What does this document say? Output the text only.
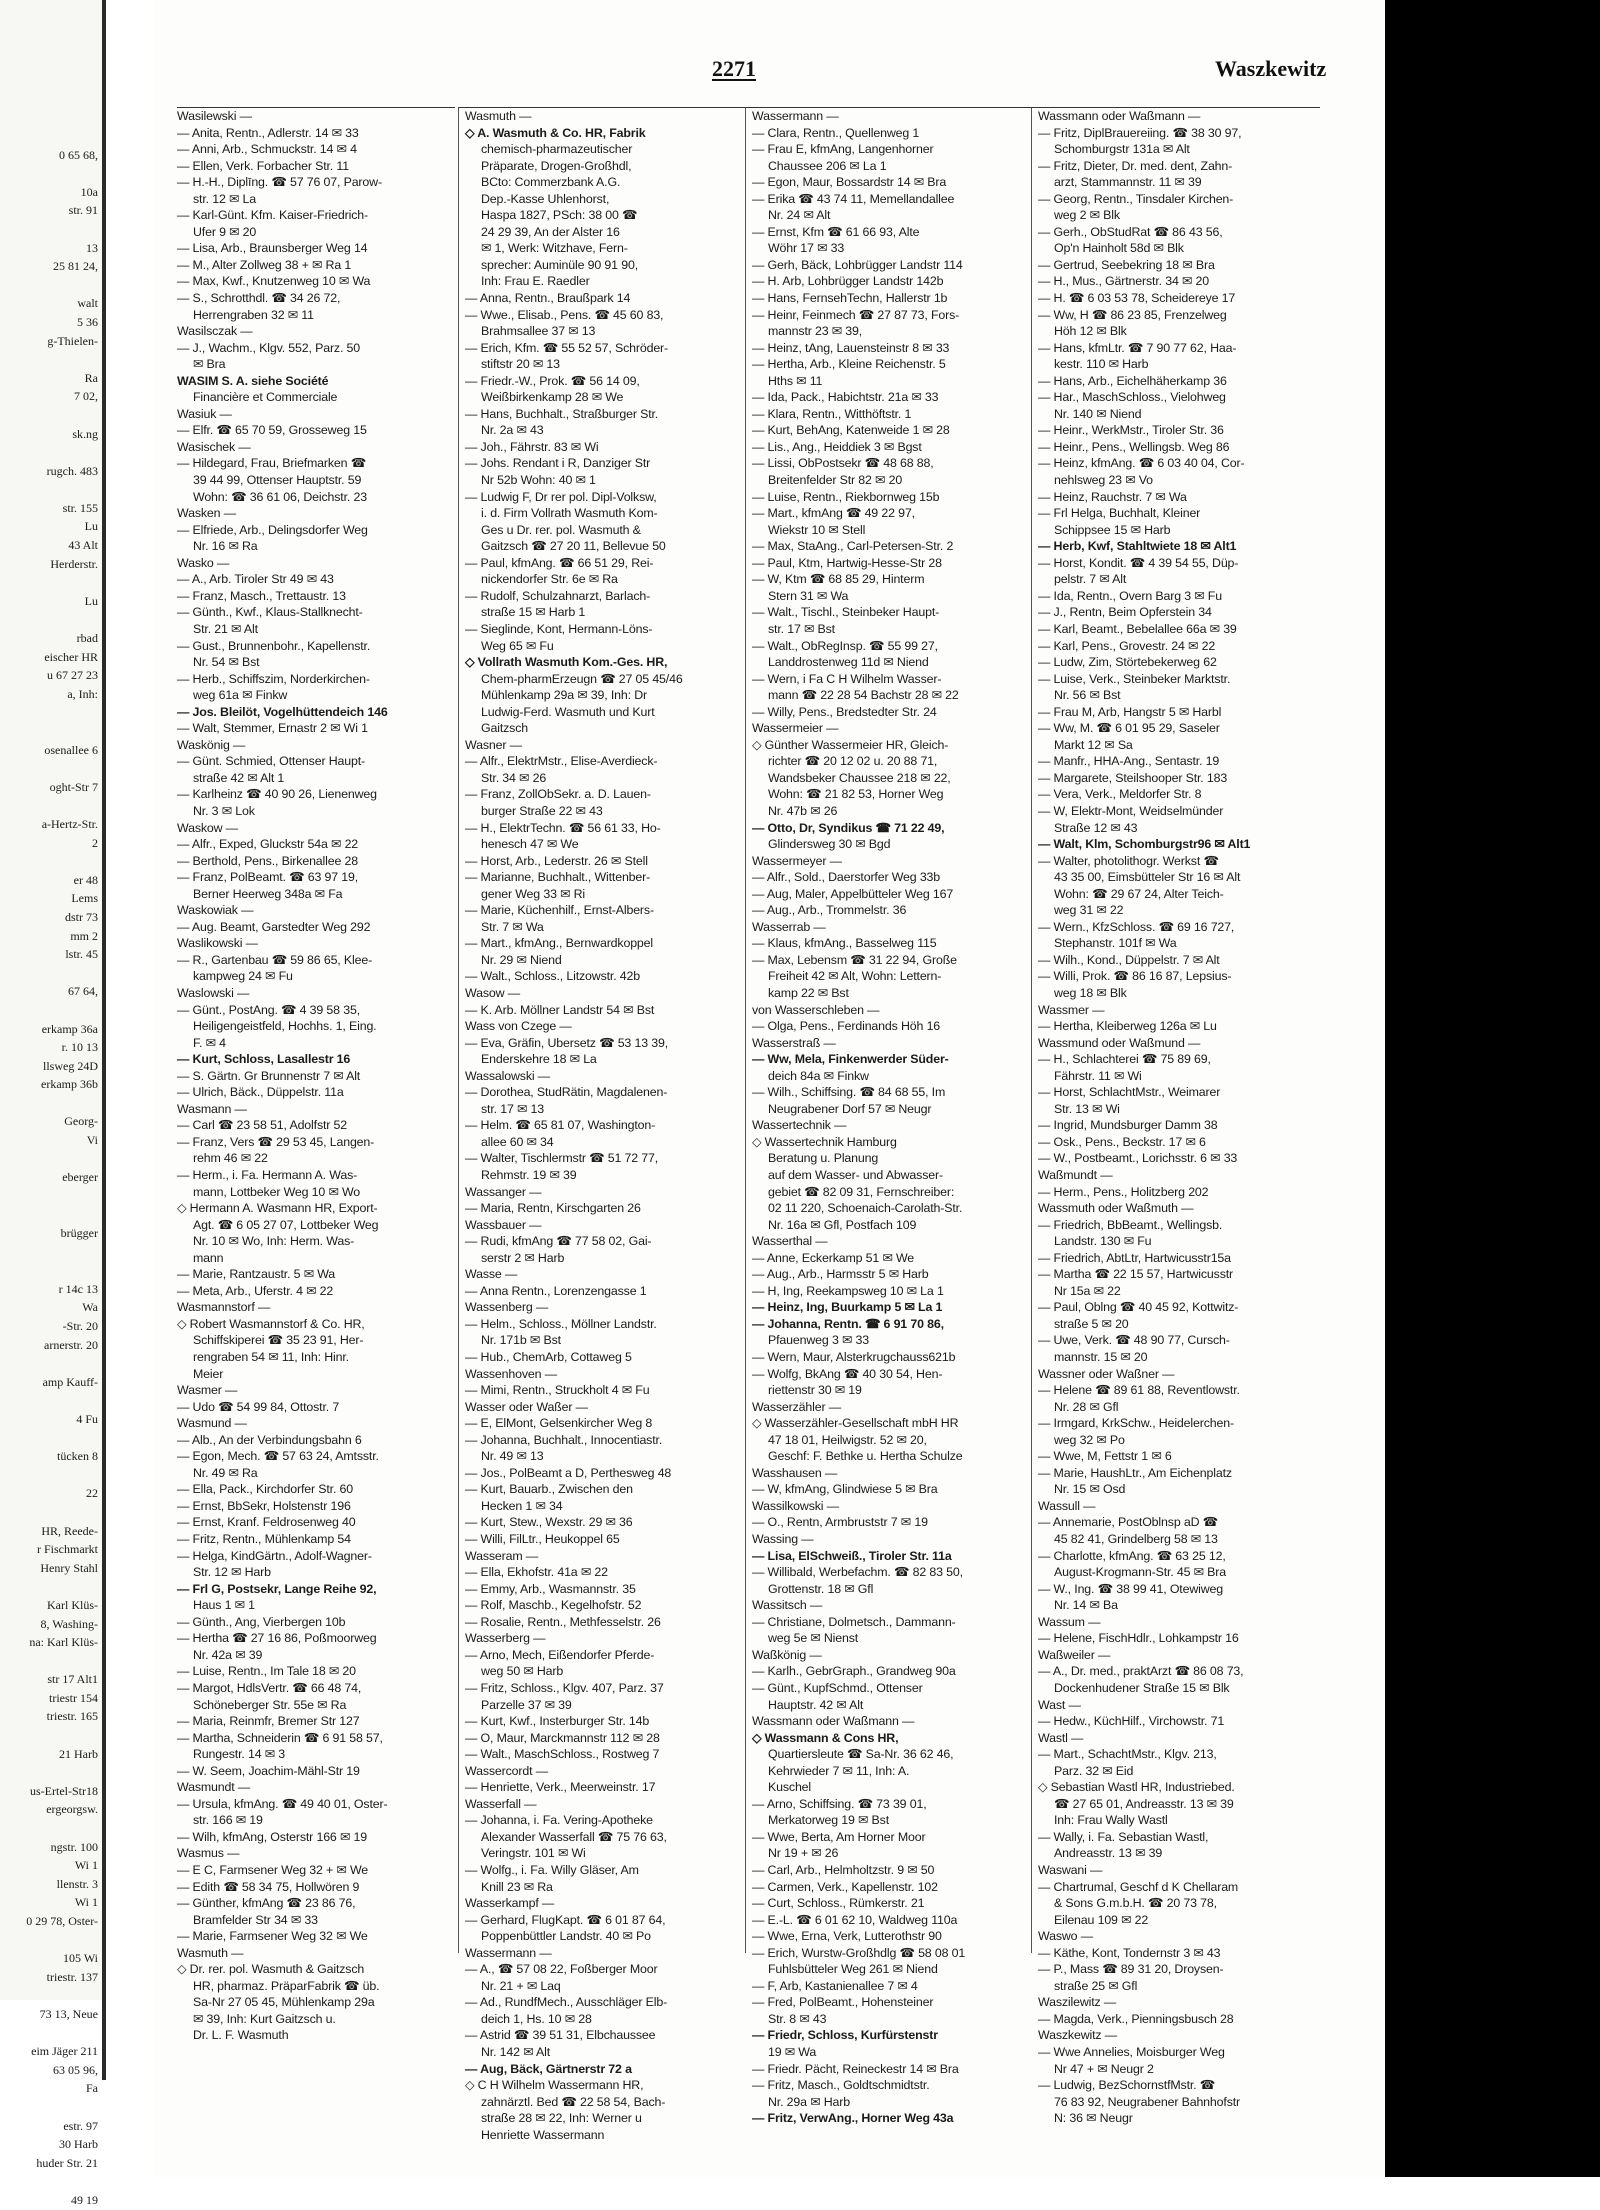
0 65 68,

10a
str. 91

13
25 81 24,

walt
5 36
g-Thielen-

Ra
7 02,

sk.ng

rugch. 483

str. 155
Lu
43 Alt
Herderstr.

Lu

rbad
eischer HR
u 67 27 23
a, Inh:

osenallee 6

oght-Str 7

a-Hertz-Str.
2

er 48
Lems
dstr 73
mm 2
lstr. 45

67 64,

erkamp 36a
r. 10 13
llsweg 24D
erkamp 36b

Georg-
Vi

eberger

brügger

r 14c 13
Wa
-Str. 20
arnerstr. 20

amp Kauff-

4 Fu

tücken 8

22

HR, Reede-
r Fischmarkt
Henry Stahl

Karl Klüs-
8, Washing-
na: Karl Klüs-

str 17 Alt1
triestr 154
triestr. 165

21 Harb

us-Ertel-Str18
ergeorgsw.

ngstr. 100
Wi 1
llenstr. 3
Wi 1
0 29 78, Oster-

105 Wi
triestr. 137

73 13, Neue

eim Jäger 211
63 05 96,
Fa

estr. 97
30 Harb
huder Str. 21

49 19
2271	Waszkewitz
Wasilewski —
— Anita, Rentn., Adlerstr. 14 ✉ 33
— Anni, Arb., Schmuckstr. 14 ✉ 4
— Ellen, Verk. Forbacher Str. 11
— H.-H., Diplīng. ☎ 57 76 07, Parow-
str. 12 ✉ La
— Karl-Günt. Kfm. Kaiser-Friedrich-
Ufer 9 ✉ 20
— Lisa, Arb., Braunsberger Weg 14
— M., Alter Zollweg 38 + ✉ Ra 1
— Max, Kwf., Knutzenweg 10 ✉ Wa
— S., Schrotthdl. ☎ 34 26 72,
Herrengraben 32 ✉ 11
Wasilsczak —
— J., Wachm., Klgv. 552, Parz. 50
✉ Bra
WASIM S. A. siehe Société
Financière et Commerciale
Wasiuk —
— Elfr. ☎ 65 70 59, Grosseweg 15
Wasischek —
— Hildegard, Frau, Briefmarken ☎
39 44 99, Ottenser Hauptstr. 59
Wohn: ☎ 36 61 06, Deichstr. 23
Wasken —
— Elfriede, Arb., Delingsdorfer Weg
Nr. 16 ✉ Ra
Wasko —
— A., Arb. Tiroler Str 49 ✉ 43
— Franz, Masch., Trettaustr. 13
— Günth., Kwf., Klaus-Stallknecht-
Str. 21 ✉ Alt
— Gust., Brunnenbohr., Kapellenstr.
Nr. 54 ✉ Bst
— Herb., Schiffszim, Norderkirchen-
weg 61a ✉ Finkw
— Jos. Bleilöt, Vogelhüttendeich 146
— Walt, Stemmer, Ernastr 2 ✉ Wi 1
Waskönig —
— Günt. Schmied, Ottenser Haupt-
straße 42 ✉ Alt 1
— Karlheinz ☎ 40 90 26, Lienenweg
Nr. 3 ✉ Lok
Waskow —
— Alfr., Exped, Gluckstr 54a ✉ 22
— Berthold, Pens., Birkenallee 28
— Franz, PolBeamt. ☎ 63 97 19,
Berner Heerweg 348a ✉ Fa
Waskowiak —
— Aug. Beamt, Garstedter Weg 292
Waslikowski —
— R., Gartenbau ☎ 59 86 65, Klee-
kampweg 24 ✉ Fu
Waslowski —
— Günt., PostAng. ☎ 4 39 58 35,
Heiligengeistfeld, Hochhs. 1, Eing.
F. ✉ 4
— Kurt, Schloss, Lasallestr 16
— S. Gärtn. Gr Brunnenstr 7 ✉ Alt
— Ulrich, Bäck., Düppelstr. 11a
Wasmann —
— Carl ☎ 23 58 51, Adolfstr 52
— Franz, Vers ☎ 29 53 45, Langen-
rehm 46 ✉ 22
— Herm., i. Fa. Hermann A. Was-
mann, Lottbeker Weg 10 ✉ Wo
◇ Hermann A. Wasmann HR, Export-
Agt. ☎ 6 05 27 07, Lottbeker Weg
Nr. 10 ✉ Wo, Inh: Herm. Was-
mann
— Marie, Rantzaustr. 5 ✉ Wa
— Meta, Arb., Uferstr. 4 ✉ 22
Wasmannstorf —
◇ Robert Wasmannstorf & Co. HR,
Schiffskiperei ☎ 35 23 91, Her-
rengraben 54 ✉ 11, Inh: Hinr.
Meier
Wasmer —
— Udo ☎ 54 99 84, Ottostr. 7
Wasmund —
— Alb., An der Verbindungsbahn 6
— Egon, Mech. ☎ 57 63 24, Amtsstr.
Nr. 49 ✉ Ra
— Ella, Pack., Kirchdorfer Str. 60
— Ernst, BbSekr, Holstenstr 196
— Ernst, Kranf. Feldrosenweg 40
— Fritz, Rentn., Mühlenkamp 54
— Helga, KindGärtn., Adolf-Wagner-
Str. 12 ✉ Harb
— Frl G, Postsekr, Lange Reihe 92,
Haus 1 ✉ 1
— Günth., Ang, Vierbergen 10b
— Hertha ☎ 27 16 86, Poßmoorweg
Nr. 42a ✉ 39
— Luise, Rentn., Im Tale 18 ✉ 20
— Margot, HdlsVertr. ☎ 66 48 74,
Schöneberger Str. 55e ✉ Ra
— Maria, Reinmfr, Bremer Str 127
— Martha, Schneiderin ☎ 6 91 58 57,
Rungestr. 14 ✉ 3
— W. Seem, Joachim-Mähl-Str 19
Wasmundt —
— Ursula, kfmAng. ☎ 49 40 01, Oster-
str. 166 ✉ 19
— Wilh, kfmAng, Osterstr 166 ✉ 19
Wasmus —
— E C, Farmsener Weg 32 + ✉ We
— Edith ☎ 58 34 75, Hollwören 9
— Günther, kfmAng ☎ 23 86 76,
Bramfelder Str 34 ✉ 33
— Marie, Farmsener Weg 32 ✉ We
Wasmuth —
◇ Dr. rer. pol. Wasmuth & Gaitzsch
HR, pharmaz. PräparFabrik ☎ üb.
Sa-Nr 27 05 45, Mühlenkamp 29a
✉ 39, Inh: Kurt Gaitzsch u.
Dr. L. F. Wasmuth
Wasmuth —
◇ A. Wasmuth & Co. HR, Fabrik
chemisch-pharmazeutischer
Präparate, Drogen-Großhdl,
BCto: Commerzbank A.G.
Dep.-Kasse Uhlenhorst,
Haspa 1827, PSch: 38 00 ☎
24 29 39, An der Alster 16
✉ 1, Werk: Witzhave, Fern-
sprecher: Auminüle 90 91 90,
Inh: Frau E. Raedler
— Anna, Rentn., Braußpark 14
— Wwe., Elisab., Pens. ☎ 45 60 83,
Brahmsallee 37 ✉ 13
— Erich, Kfm. ☎ 55 52 57, Schröder-
stiftstr 20 ✉ 13
— Friedr.-W., Prok. ☎ 56 14 09,
Weißbirkenkamp 28 ✉ We
— Hans, Buchhalt., Straßburger Str.
Nr. 2a ✉ 43
— Joh., Fährstr. 83 ✉ Wi
— Johs. Rendant i R, Danziger Str
Nr 52b Wohn: 40 ✉ 1
— Ludwig F, Dr rer pol. Dipl-Volksw,
i. d. Firm Vollrath Wasmuth Kom-
Ges u Dr. rer. pol. Wasmuth &
Gaitzsch ☎ 27 20 11, Bellevue 50
— Paul, kfmAng. ☎ 66 51 29, Rei-
nickendorfer Str. 6e ✉ Ra
— Rudolf, Schulzahnarzt, Barlach-
straße 15 ✉ Harb 1
— Sieglinde, Kont, Hermann-Löns-
Weg 65 ✉ Fu
◇ Vollrath Wasmuth Kom.-Ges. HR,
Chem-pharmErzeugn ☎ 27 05 45/46
Mühlenkamp 29a ✉ 39, Inh: Dr
Ludwig-Ferd. Wasmuth und Kurt
Gaitzsch
Wasner —
— Alfr., ElektrMstr., Elise-Averdieck-
Str. 34 ✉ 26
— Franz, ZollObSekr. a. D. Lauen-
burger Straße 22 ✉ 43
— H., ElektrTechn. ☎ 56 61 33, Ho-
henesch 47 ✉ We
— Horst, Arb., Lederstr. 26 ✉ Stell
— Marianne, Buchhalt., Wittenber-
gener Weg 33 ✉ Ri
— Marie, Küchenhilf., Ernst-Albers-
Str. 7 ✉ Wa
— Mart., kfmAng., Bernwardkoppel
Nr. 29 ✉ Niend
— Walt., Schloss., Litzowstr. 42b
Wasow —
— K. Arb. Möllner Landstr 54 ✉ Bst
Wass von Czege —
— Eva, Gräfin, Ubersetz ☎ 53 13 39,
Enderskehre 18 ✉ La
Wassalowski —
— Dorothea, StudRätin, Magdalenen-
str. 17 ✉ 13
— Helm. ☎ 65 81 07, Washington-
allee 60 ✉ 34
— Walter, Tischlermstr ☎ 51 72 77,
Rehmstr. 19 ✉ 39
Wassanger —
— Maria, Rentn, Kirschgarten 26
Wassbauer —
— Rudi, kfmAng ☎ 77 58 02, Gai-
serstr 2 ✉ Harb
Wasse —
— Anna Rentn., Lorenzengasse 1
Wassenberg —
— Helm., Schloss., Möllner Landstr.
Nr. 171b ✉ Bst
— Hub., ChemArb, Cottaweg 5
Wassenhoven —
— Mimi, Rentn., Struckholt 4 ✉ Fu
Wasser oder Waßer —
— E, ElMont, Gelsenkircher Weg 8
— Johanna, Buchhalt., Innocentiastr.
Nr. 49 ✉ 13
— Jos., PolBeamt a D, Perthesweg 48
— Kurt, Bauarb., Zwischen den
Hecken 1 ✉ 34
— Kurt, Stew., Wexstr. 29 ✉ 36
— Willi, FilLtr., Heukoppel 65
Wasseram —
— Ella, Ekhofstr. 41a ✉ 22
— Emmy, Arb., Wasmannstr. 35
— Rolf, Maschb., Kegelhofstr. 52
— Rosalie, Rentn., Methfesselstr. 26
Wasserberg —
— Arno, Mech, Eißendorfer Pferde-
weg 50 ✉ Harb
— Fritz, Schloss., Klgv. 407, Parz. 37
Parzelle 37 ✉ 39
— Kurt, Kwf., Insterburger Str. 14b
— O, Maur, Marckmannstr 112 ✉ 28
— Walt., MaschSchloss., Rostweg 7
Wassercordt —
— Henriette, Verk., Meerweinstr. 17
Wasserfall —
— Johanna, i. Fa. Vering-Apotheke
Alexander Wasserfall ☎ 75 76 63,
Veringstr. 101 ✉ Wi
— Wolfg., i. Fa. Willy Gläser, Am
Knill 23 ✉ Ra
Wasserkampf —
— Gerhard, FlugKapt. ☎ 6 01 87 64,
Poppenbüttler Landstr. 40 ✉ Po
Wassermann —
— A., ☎ 57 08 22, Foßberger Moor
Nr. 21 + ✉ Laq
— Ad., RundfMech., Ausschläger Elb-
deich 1, Hs. 10 ✉ 28
— Astrid ☎ 39 51 31, Elbchaussee
Nr. 142 ✉ Alt
— Aug, Bäck, Gärtnerstr 72 a
◇ C H Wilhelm Wassermann HR,
zahnärztl. Bed ☎ 22 58 54, Bach-
straße 28 ✉ 22, Inh: Werner u
Henriette Wassermann
Wassermann —
— Clara, Rentn., Quellenweg 1
— Frau E, kfmAng, Langenhorner
Chaussee 206 ✉ La 1
— Egon, Maur, Bossardstr 14 ✉ Bra
— Erika ☎ 43 74 11, Memellandallee
Nr. 24 ✉ Alt
— Ernst, Kfm ☎ 61 66 93, Alte
Wöhr 17 ✉ 33
— Gerh, Bäck, Lohbrügger Landstr 114
— H. Arb, Lohbrügger Landstr 142b
— Hans, FernsehTechn, Hallerstr 1b
— Heinr, Feinmech ☎ 27 87 73, Fors-
mannstr 23 ✉ 39,
— Heinz, tAng, Lauensteinstr 8 ✉ 33
— Hertha, Arb., Kleine Reichenstr. 5
Hths ✉ 11
— Ida, Pack., Habichtstr. 21a ✉ 33
— Klara, Rentn., Witthöftstr. 1
— Kurt, BehAng, Katenweide 1 ✉ 28
— Lis., Ang., Heiddiek 3 ✉ Bgst
— Lissi, ObPostsekr ☎ 48 68 88,
Breitenfelder Str 82 ✉ 20
— Luise, Rentn., Riekbornweg 15b
— Mart., kfmAng ☎ 49 22 97,
Wiekstr 10 ✉ Stell
— Max, StaAng., Carl-Petersen-Str. 2
— Paul, Ktm, Hartwig-Hesse-Str 28
— W, Ktm ☎ 68 85 29, Hinterm
Stern 31 ✉ Wa
— Walt., Tischl., Steinbeker Haupt-
str. 17 ✉ Bst
— Walt., ObRegInsp. ☎ 55 99 27,
Landdrostenweg 11d ✉ Niend
— Wern, i Fa C H Wilhelm Wasser-
mann ☎ 22 28 54 Bachstr 28 ✉ 22
— Willy, Pens., Bredstedter Str. 24
Wassermeier —
◇ Günther Wassermeier HR, Gleich-
richter ☎ 20 12 02 u. 20 88 71,
Wandsbeker Chaussee 218 ✉ 22,
Wohn: ☎ 21 82 53, Horner Weg
Nr. 47b ✉ 26
— Otto, Dr, Syndikus ☎ 71 22 49,
Glindersweg 30 ✉ Bgd
Wassermeyer —
— Alfr., Sold., Daerstorfer Weg 33b
— Aug, Maler, Appelbütteler Weg 167
— Aug., Arb., Trommelstr. 36
Wasserrab —
— Klaus, kfmAng., Basselweg 115
— Max, Lebensm ☎ 31 22 94, Große
Freiheit 42 ✉ Alt, Wohn: Lettern-
kamp 22 ✉ Bst
von Wasserschleben —
— Olga, Pens., Ferdinands Höh 16
Wasserstraß —
— Ww, Mela, Finkenwerder Süder-
deich 84a ✉ Finkw
— Wilh., Schiffsing. ☎ 84 68 55, Im
Neugrabener Dorf 57 ✉ Neugr
Wassertechnik —
◇ Wassertechnik Hamburg
Beratung u. Planung
auf dem Wasser- und Abwasser-
gebiet ☎ 82 09 31, Fernschreiber:
02 11 220, Schoenaich-Carolath-Str.
Nr. 16a ✉ Gfl, Postfach 109
Wasserthal —
— Anne, Eckerkamp 51 ✉ We
— Aug., Arb., Harmsstr 5 ✉ Harb
— H, Ing, Reekampsweg 10 ✉ La 1
— Heinz, Ing, Buurkamp 5 ✉ La 1
— Johanna, Rentn. ☎ 6 91 70 86,
Pfauenweg 3 ✉ 33
— Wern, Maur, Alsterkrugchauss621b
— Wolfg, BkAng ☎ 40 30 54, Hen-
riettenstr 30 ✉ 19
Wasserzähler —
◇ Wasserzähler-Gesellschaft mbH HR
47 18 01, Heilwigstr. 52 ✉ 20,
Geschf: F. Bethke u. Hertha Schulze
Wasshausen —
— W, kfmAng, Glindwiese 5 ✉ Bra
Wassilkowski —
— O., Rentn, Armbruststr 7 ✉ 19
Wassing —
— Lisa, ElSchweiß., Tiroler Str. 11a
— Willibald, Werbefachm. ☎ 82 83 50,
Grottenstr. 18 ✉ Gfl
Wassitsch —
— Christiane, Dolmetsch., Dammann-
weg 5e ✉ Nienst
Waßkönig —
— Karlh., GebrGraph., Grandweg 90a
— Günt., KupfSchmd., Ottenser
Hauptstr. 42 ✉ Alt
Wassmann oder Waßmann —
◇ Wassmann & Cons HR,
Quartiersleute ☎ Sa-Nr. 36 62 46,
Kehrwieder 7 ✉ 11, Inh: A.
Kuschel
— Arno, Schiffsing. ☎ 73 39 01,
Merkatorweg 19 ✉ Bst
— Wwe, Berta, Am Horner Moor
Nr 19 + ✉ 26
— Carl, Arb., Helmholtzstr. 9 ✉ 50
— Carmen, Verk., Kapellenstr. 102
— Curt, Schloss., Rümkerstr. 21
— E.-L. ☎ 6 01 62 10, Waldweg 110a
— Wwe, Erna, Verk, Lutterothstr 90
— Erich, Wurstw-Großhdlg ☎ 58 08 01
Fuhlsbütteler Weg 261 ✉ Niend
— F, Arb, Kastanienallee 7 ✉ 4
— Fred, PolBeamt., Hohensteiner
Str. 8 ✉ 43
— Friedr, Schloss, Kurfürstenstr
19 ✉ Wa
— Friedr. Pächt, Reineckestr 14 ✉ Bra
— Fritz, Masch., Goldtschmidtstr.
Nr. 29a ✉ Harb
— Fritz, VerwAng., Horner Weg 43a
Wassmann oder Waßmann —
— Fritz, DiplBrauereiing. ☎ 38 30 97,
Schomburgstr 131a ✉ Alt
— Fritz, Dieter, Dr. med. dent, Zahn-
arzt, Stammannstr. 11 ✉ 39
— Georg, Rentn., Tinsdaler Kirchen-
weg 2 ✉ Blk
— Gerh., ObStudRat ☎ 86 43 56,
Op'n Hainholt 58d ✉ Blk
— Gertrud, Seebekring 18 ✉ Bra
— H., Mus., Gärtnerstr. 34 ✉ 20
— H. ☎ 6 03 53 78, Scheidereye 17
— Ww, H ☎ 86 23 85, Frenzelweg
Höh 12 ✉ Blk
— Hans, kfmLtr. ☎ 7 90 77 62, Haa-
kestr. 110 ✉ Harb
— Hans, Arb., Eichelhäherkamp 36
— Har., MaschSchloss., Vielohweg
Nr. 140 ✉ Niend
— Heinr., WerkMstr., Tiroler Str. 36
— Heinr., Pens., Wellingsb. Weg 86
— Heinz, kfmAng. ☎ 6 03 40 04, Cor-
nehlsweg 23 ✉ Vo
— Heinz, Rauchstr. 7 ✉ Wa
— Frl Helga, Buchhalt, Kleiner
Schippsee 15 ✉ Harb
— Herb, Kwf, Stahltwiete 18 ✉ Alt1
— Horst, Kondit. ☎ 4 39 54 55, Düp-
pelstr. 7 ✉ Alt
— Ida, Rentn., Overn Barg 3 ✉ Fu
— J., Rentn, Beim Opferstein 34
— Karl, Beamt., Bebelallee 66a ✉ 39
— Karl, Pens., Grovestr. 24 ✉ 22
— Ludw, Zim, Störtebekerweg 62
— Luise, Verk., Steinbeker Marktstr.
Nr. 56 ✉ Bst
— Frau M, Arb, Hangstr 5 ✉ Harbl
— Ww, M. ☎ 6 01 95 29, Saseler
Markt 12 ✉ Sa
— Manfr., HHA-Ang., Sentastr. 19
— Margarete, Steilshooper Str. 183
— Vera, Verk., Meldorfer Str. 8
— W, Elektr-Mont, Weidselmünder
Straße 12 ✉ 43
— Walt, Klm, Schomburgstr96 ✉ Alt1
— Walter, photolithogr. Werkst ☎
43 35 00, Eimsbütteler Str 16 ✉ Alt
Wohn: ☎ 29 67 24, Alter Teich-
weg 31 ✉ 22
— Wern., KfzSchloss. ☎ 69 16 727,
Stephanstr. 101f ✉ Wa
— Wilh., Kond., Düppelstr. 7 ✉ Alt
— Willi, Prok. ☎ 86 16 87, Lepsius-
weg 18 ✉ Blk
Wassmer —
— Hertha, Kleiberweg 126a ✉ Lu
Wassmund oder Waßmund —
— H., Schlachterei ☎ 75 89 69,
Fährstr. 11 ✉ Wi
— Horst, SchlachtMstr., Weimarer
Str. 13 ✉ Wi
— Ingrid, Mundsburger Damm 38
— Osk., Pens., Beckstr. 17 ✉ 6
— W., Postbeamt., Lorichsstr. 6 ✉ 33
Waßmundt —
— Herm., Pens., Holitzberg 202
Wassmuth oder Waßmuth —
— Friedrich, BbBeamt., Wellingsb.
Landstr. 130 ✉ Fu
— Friedrich, AbtLtr, Hartwicusstr15a
— Martha ☎ 22 15 57, Hartwicusstr
Nr 15a ✉ 22
— Paul, Oblng ☎ 40 45 92, Kottwitz-
straße 5 ✉ 20
— Uwe, Verk. ☎ 48 90 77, Cursch-
mannstr. 15 ✉ 20
Wassner oder Waßner —
— Helene ☎ 89 61 88, Reventlowstr.
Nr. 28 ✉ Gfl
— Irmgard, KrkSchw., Heidelerchen-
weg 32 ✉ Po
— Wwe, M, Fettstr 1 ✉ 6
— Marie, HaushLtr., Am Eichenplatz
Nr. 15 ✉ Osd
Wassull —
— Annemarie, PostOblnsp aD ☎
45 82 41, Grindelberg 58 ✉ 13
— Charlotte, kfmAng. ☎ 63 25 12,
August-Krogmann-Str. 45 ✉ Bra
— W., Ing. ☎ 38 99 41, Otewiweg
Nr. 14 ✉ Ba
Wassum —
— Helene, FischHdlr., Lohkampstr 16
Waßweiler —
— A., Dr. med., praktArzt ☎ 86 08 73,
Dockenhudener Straße 15 ✉ Blk
Wast —
— Hedw., KüchHilf., Virchowstr. 71
Wastl —
— Mart., SchachtMstr., Klgv. 213,
Parz. 32 ✉ Eid
◇ Sebastian Wastl HR, Industriebed.
☎ 27 65 01, Andreasstr. 13 ✉ 39
Inh: Frau Wally Wastl
— Wally, i. Fa. Sebastian Wastl,
Andreasstr. 13 ✉ 39
Waswani —
— Chartrumal, Geschf d K Chellaram
& Sons G.m.b.H. ☎ 20 73 78,
Eilenau 109 ✉ 22
Waswo —
— Käthe, Kont, Tondernstr 3 ✉ 43
— P., Mass ☎ 89 31 20, Droysen-
straße 25 ✉ Gfl
Waszilewitz —
— Magda, Verk., Pienningsbusch 28
Waszkewitz —
— Wwe Annelies, Moisburger Weg
Nr 47 + ✉ Neugr 2
— Ludwig, BezSchornstfMstr. ☎
76 83 92, Neugrabener Bahnhofstr
N: 36 ✉ Neugr
